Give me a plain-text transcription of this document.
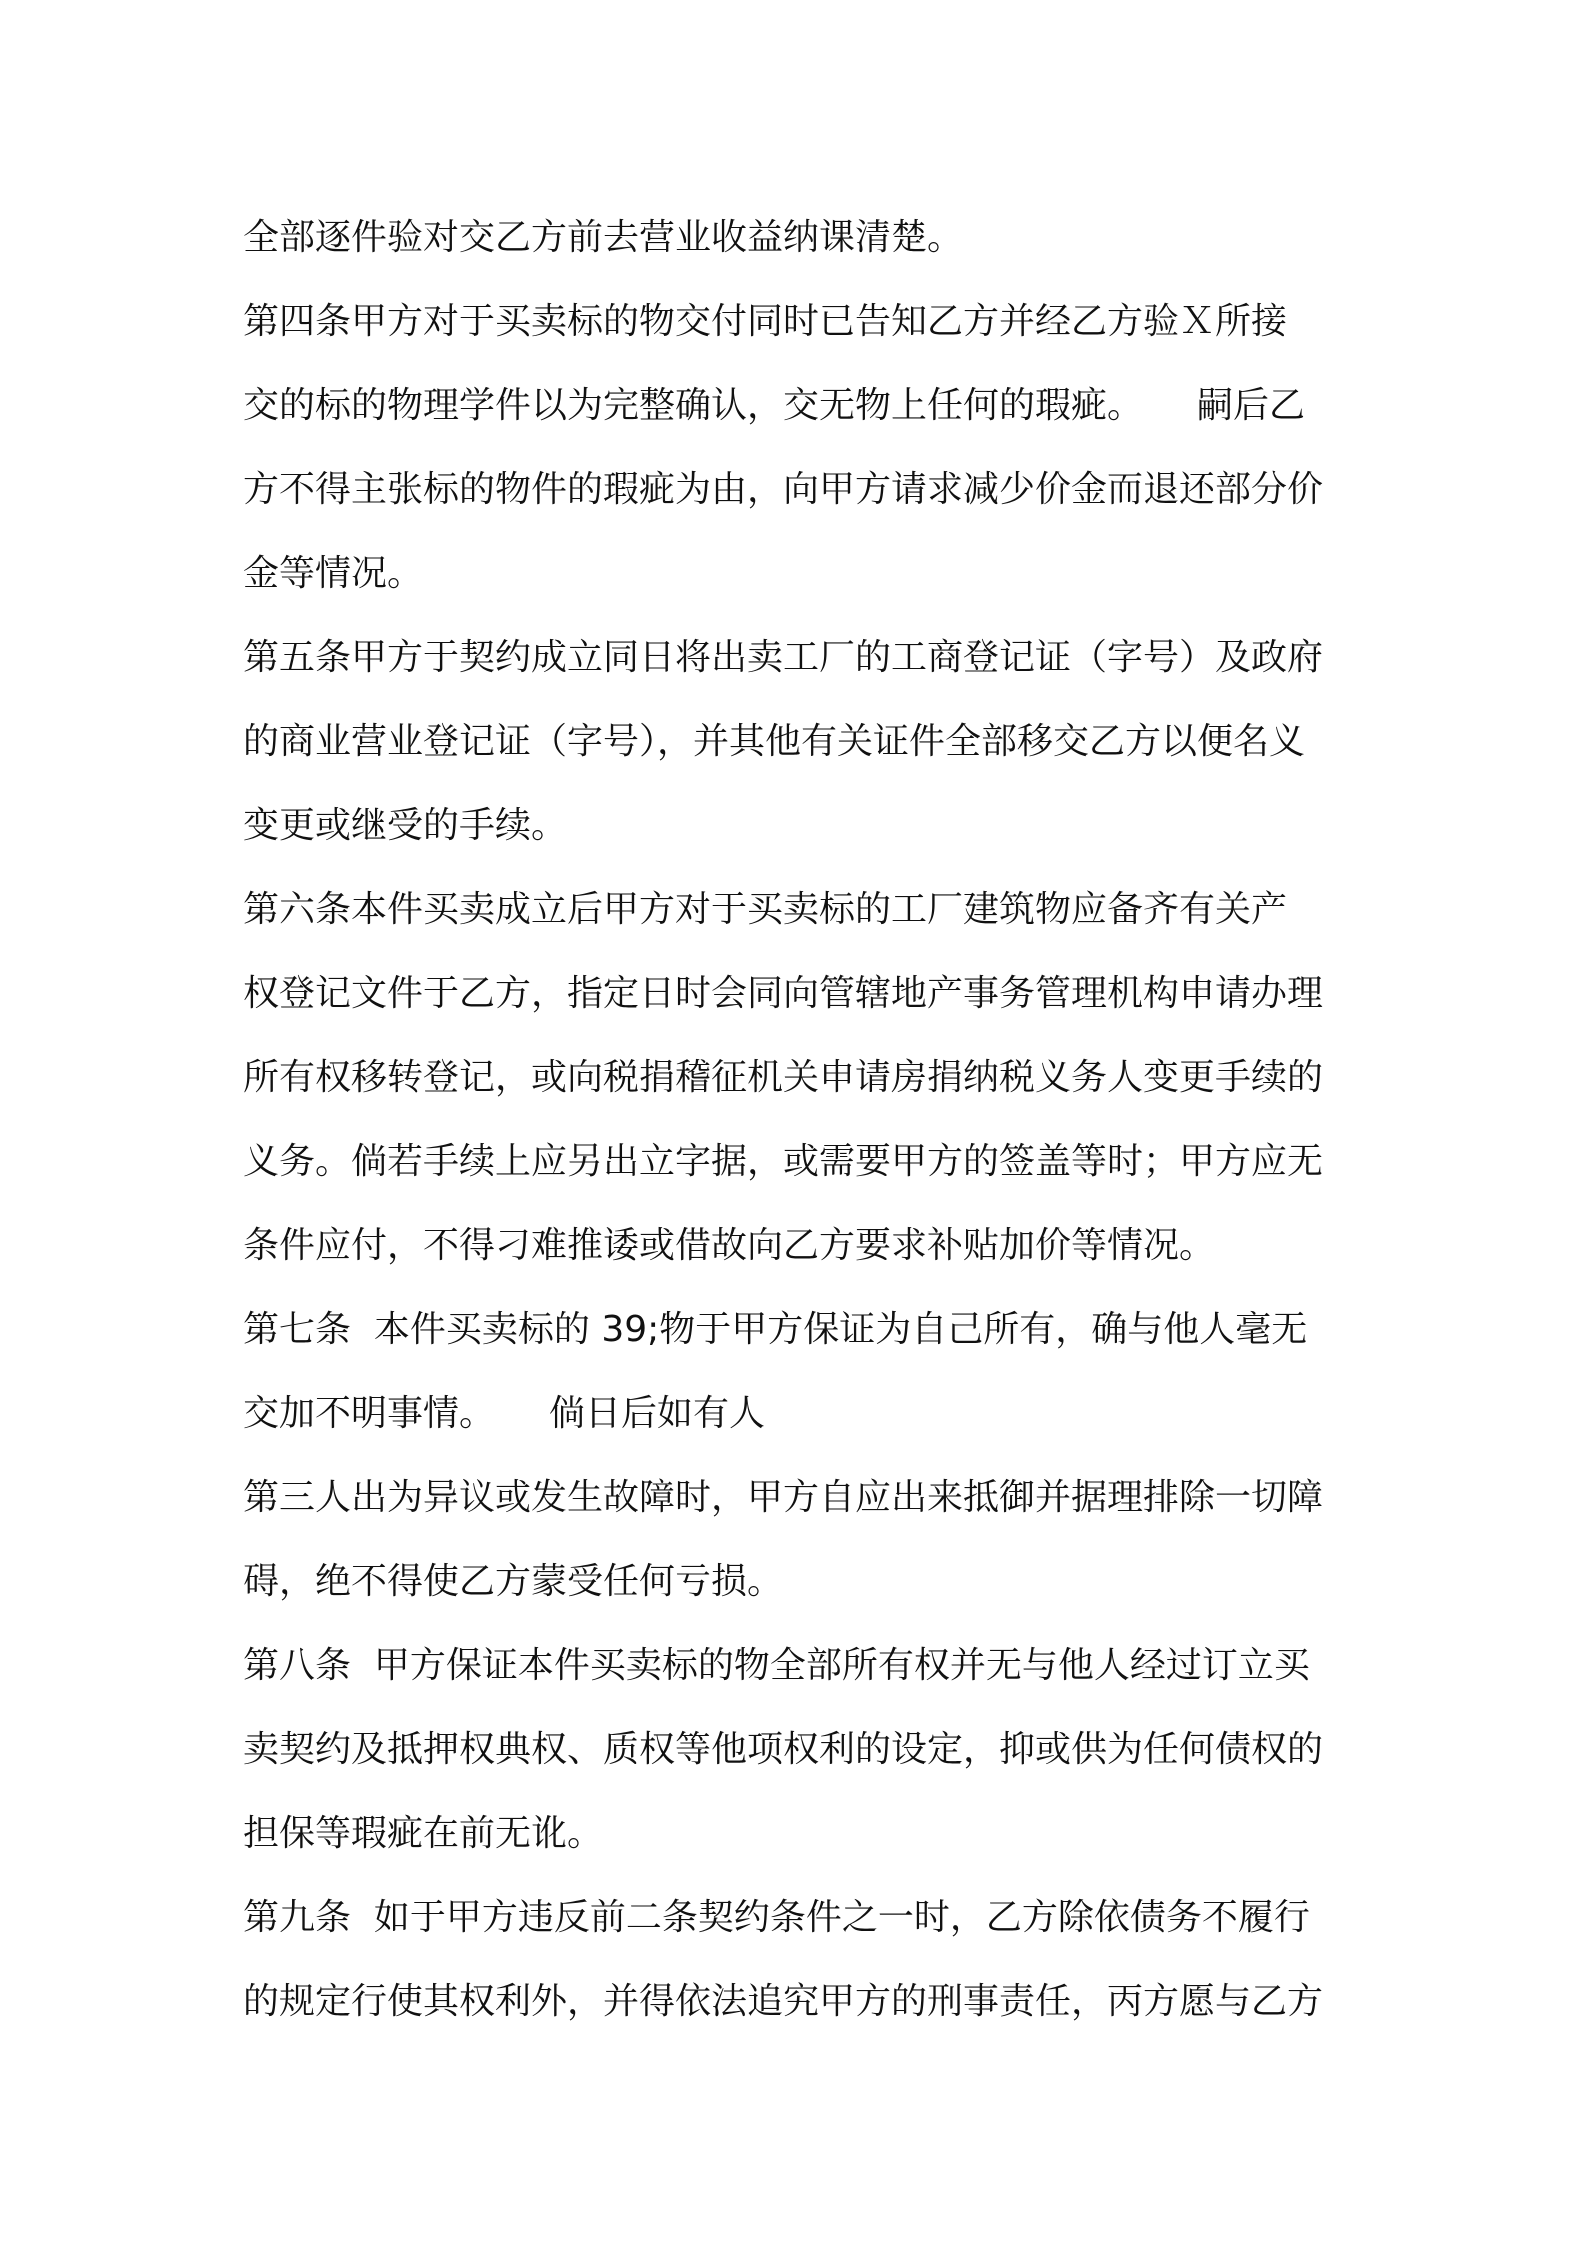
全部逐件验对交乙方前去营业收益纳课清楚。
第四条甲方对于买卖标的物交付同时已告知乙方并经乙方验Ｘ所接
交的标的物理学件以为完整确认，交无物上任何的瑕疵。　　嗣后乙
方不得主张标的物件的瑕疵为由，向甲方请求减少价金而退还部分价
金等情况。
第五条甲方于契约成立同日将出卖工厂的工商登记证（字号）及政府
的商业营业登记证（字号），并其他有关证件全部移交乙方以便名义
变更或继受的手续。
第六条本件买卖成立后甲方对于买卖标的工厂建筑物应备齐有关产
权登记文件于乙方，指定日时会同向管辖地产事务管理机构申请办理
所有权移转登记，或向税捐稽征机关申请房捐纳税义务人变更手续的
义务。倘若手续上应另出立字据，或需要甲方的签盖等时；甲方应无
条件应付，不得刁难推诿或借故向乙方要求补贴加价等情况。
第七条  本件买卖标的 39;物于甲方保证为自己所有，确与他人毫无
交加不明事情。　　倘日后如有人
第三人出为异议或发生故障时，甲方自应出来抵御并据理排除一切障
碍，绝不得使乙方蒙受任何亏损。
第八条  甲方保证本件买卖标的物全部所有权并无与他人经过订立买
卖契约及抵押权典权、质权等他项权利的设定，抑或供为任何债权的
担保等瑕疵在前无讹。
第九条  如于甲方违反前二条契约条件之一时，乙方除依债务不履行
的规定行使其权利外，并得依法追究甲方的刑事责任，丙方愿与乙方
